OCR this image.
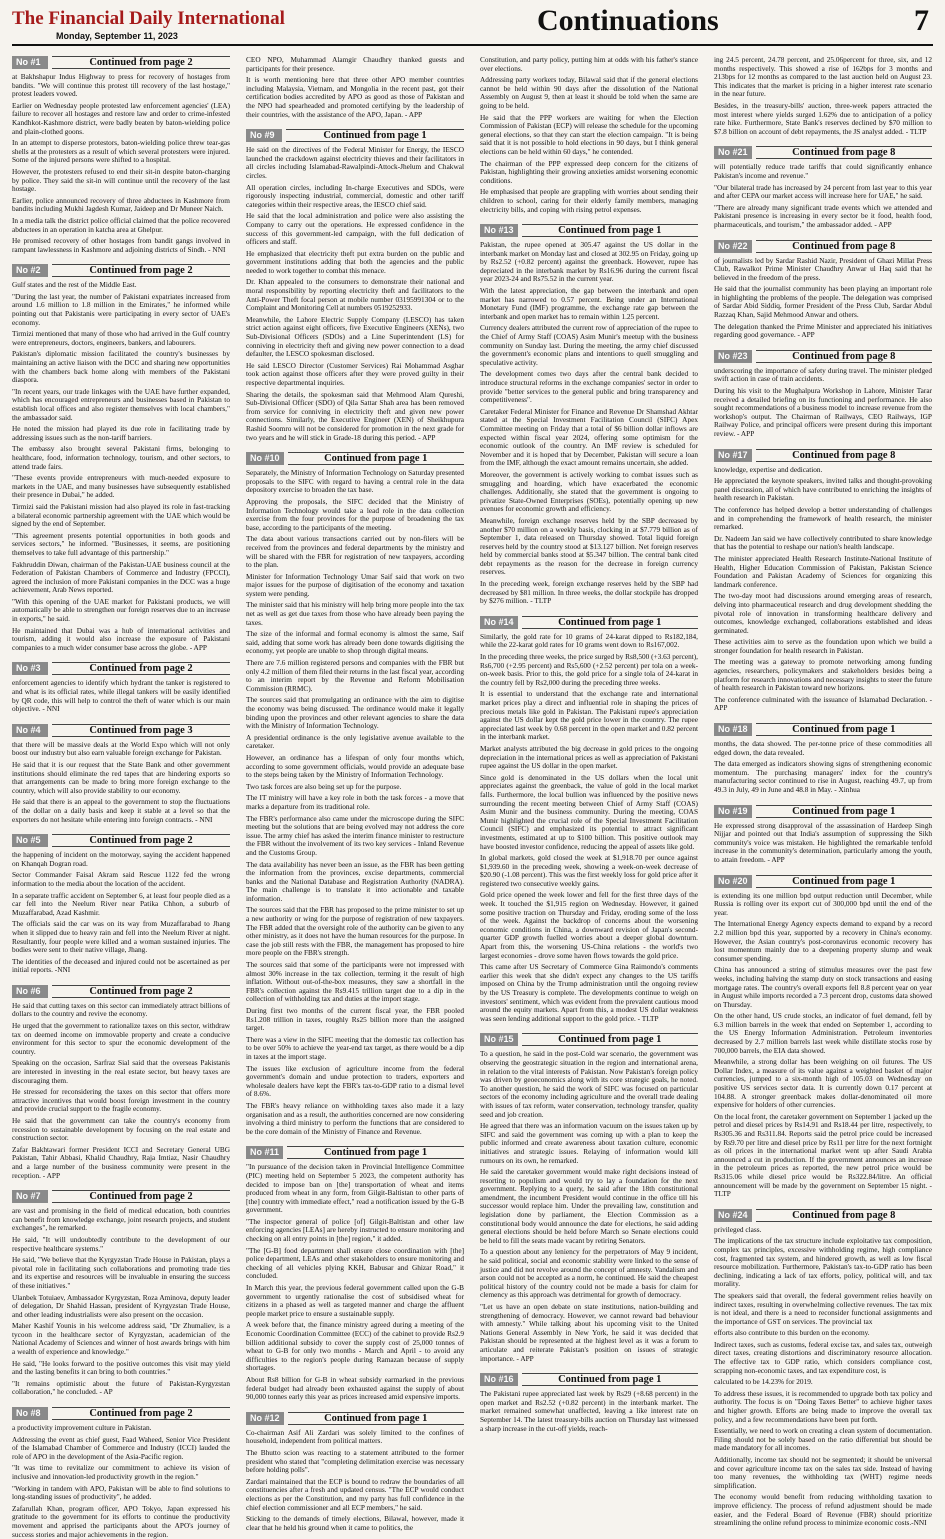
The Financial Daily International
Monday, September 11, 2023	Continuations	7
No #1	Continued from page 2

at Bakhshapur Indus Highway to press for recovery of hostages from bandits. "We will continue this protest till recovery of the last hostage," protest leaders vowed.

Earlier on Wednesday people protested law enforcement agencies' (LEA) failure to recover all hostages and restore law and order to crime-infested Kandhkot-Kashmore district, were badly beaten by baton-wielding police and plain-clothed goons.

In an attempt to disperse protestors, baton-wielding police threw tear-gas shells at the protesters as a result of which several protesters were injured. Some of the injured persons were shifted to a hospital.

However, the protesters refused to end their sit-in despite baton-charging by police. They said the sit-in will continue until the recovery of the last hostage.

Earlier, police announced recovery of three abductees in Kashmore from bandits including Mukhi Jagdesh Kumar, Jaideep and Dr Muneer Naich.

In a media talk the district police official claimed that the police recovered abductees in an operation in katcha area at Ghelpur.

He promised recovery of other hostages from bandit gangs involved in rampant lawlessness in Kashmore and adjoining districts of Sindh. - NNI

No #2	Continued from page 2

Gulf states and the rest of the Middle East.

"During the last year, the number of Pakistani expatriates increased from around 1.6 million to 1.8 million in the Emirates," he informed while pointing out that Pakistanis were participating in every sector of UAE's economy.

Tirmizi mentioned that many of those who had arrived in the Gulf country were entrepreneurs, doctors, engineers, bankers, and labourers.

Pakistan's diplomatic mission facilitated the country's businesses by maintaining an active liaison with the DCC and sharing new opportunities with the chambers back home along with members of the Pakistani diaspora.

"In recent years, our trade linkages with the UAE have further expanded, which has encouraged entrepreneurs and businesses based in Pakistan to establish local offices and also register themselves with local chambers," the ambassador said.

He noted the mission had played its due role in facilitating trade by addressing issues such as the non-tariff barriers.

The embassy also brought several Pakistani firms, belonging to healthcare, food, information technology, tourism, and other sectors, to attend trade fairs.

"These events provide entrepreneurs with much-needed exposure to markets in the UAE, and many businesses have subsequently established their presence in Dubai," he added.

Tirmizi said the Pakistani mission had also played its role in fast-tracking a bilateral economic partnership agreement with the UAE which would be signed by the end of September.

"This agreement presents potential opportunities in both goods and services sectors," he informed. "Businesses, it seems, are positioning themselves to take full advantage of this partnership."

Fakhruddin Diwan, chairman of the Pakistan-UAE business council at the Federation of Pakistan Chambers of Commerce and Industry (FPCCI), agreed the inclusion of more Pakistani companies in the DCC was a huge achievement, Arab News reported.

"With this opening of the UAE market for Pakistani products, we will automatically be able to strengthen our foreign reserves due to an increase in exports," he said.

He maintained that Dubai was a hub of international activities and tourism, adding it would also increase the exposure of Pakistani companies to a much wider consumer base across the globe. - APP

No #3	Continued from page 2

enforcement agencies to identify which hydrant the tanker is registered to and what is its official rates, while illegal tankers will be easily identified by QR code, this will help to control the theft of water which is our main objective. - NNI

No #4	Continued from page 3

that there will be massive deals at the World Expo which will not only boost our industry but also earn valuable foreign exchange for Pakistan.

He said that it is our request that the State Bank and other government institutions should eliminate the red tapes that are hindering exports so that arrangements can be made to bring more foreign exchange to the country, which will also provide stability to our economy.

He said that there is an appeal to the government to stop the fluctuations of the dollar on a daily basis and keep it stable at a level so that the exporters do not hesitate while entering into foreign contracts. - NNI

No #5	Continued from page 2

the happening of incident on the motorway, saying the accident happened on Khanqah Dogran road.

Sector Commander Faisal Akram said Rescue 1122 fed the wrong information to the media about the location of the accident.

In a separate traffic accident on September 6, at least four people died as a car fell into the Neelum River near Patika Chhon, a suburb of Muzaffarabad, Azad Kashmir.

The officials said the car was on its way from Muzaffarabad to Jhang when it slipped due to heavy rain and fell into the Neelum River at night. Resultantly, four people were killed and a woman sustained injuries. The bodies were sent to their native village, Jhang.

The identities of the deceased and injured could not be ascertained as per initial reports. -NNI

No #6	Continued from page 2

He said that cutting taxes on this sector can immediately attract billions of dollars to the country and revive the economy.

He urged that the government to rationalize taxes on this sector, withdraw tax on deemed income on immovable property and create a conducive environment for this sector to spur the economic development of the country.

Speaking on the occasion, Sarfraz Sial said that the overseas Pakistanis are interested in investing in the real estate sector, but heavy taxes are discouraging them.

He stressed for reconsidering the taxes on this sector that offers more attractive incentives that would boost foreign investment in the country and provide crucial support to the fragile economy.

He said that the government can take the country's economy from recession to sustainable development by focusing on the real estate and construction sector.

Zafar Bakhtawari former President ICCI and Secretary General UBG Pakistan, Tahir Abbasi, Khalid Chaudhry, Raja Imtiaz, Nasir Chaudhry and a large number of the business community were present in the reception. - APP

No #7	Continued from page 2

are vast and promising in the field of medical education, both countries can benefit from knowledge exchange, joint research projects, and student exchanges", he remarked.

He said, "It will undoubtedly contribute to the development of our respective healthcare systems."

He said, "We believe that the Kyrgyzstan Trade House in Pakistan, plays a pivotal role in facilitating such collaborations and promoting trade ties and its expertise and resources will be invaluable in ensuring the success of these initiatives."

Ulanbek Totuiaev, Ambassador Kyrgyzstan, Roza Aminova, deputy leader of delegation, Dr Shahid Hassan, president of Kyrgyzstan Trade House, and other leading industrialists were also present on the occasion.

Maher Kashif Younis in his welcome address said, "Dr Zhumaliev, is a tycoon in the healthcare sector of Kyrgyzstan, academician of the National Academy of Sciences and winner of host awards brings with him a wealth of experience and knowledge."

He said, "He looks forward to the positive outcomes this visit may yield and the lasting benefits it can bring to both countries."

"It remains optimistic about the future of Pakistan-Kyrgyzstan collaboration," he concluded. - AP

No #8	Continued from page 2

a productivity improvement culture in Pakistan.

Addressing the event as chief guest, Faad Waheed, Senior Vice President of the Islamabad Chamber of Commerce and Industry (ICCI) lauded the role of APO in the development of the Asia-Pacific region.

"It was time to revitalize our commitment to achieve its vision of inclusive and innovation-led productivity growth in the region."

"Working in tandem with APO, Pakistan will be able to find solutions to long-standing issues of productivity", he added.

Zafarullah Khan, program officer, APO Tokyo, Japan expressed his gratitude to the government for its efforts to continue the productivity movement and apprised the participants about the APO's journey of success stories and major achievements in the region.

CEO NPO, Muhammad Alamgir Chaudhry thanked guests and participants for their presence.

It is worth mentioning here that three other APO member countries including Malaysia, Vietnam, and Mongolia in the recent past, got their certification bodies accredited by APO as good as those of Pakistan and the NPO had spearheaded and promoted certifying by the leadership of their countries, with the assistance of the APO, Japan. - APP

No #9	Continued from page 1

He said on the directives of the Federal Minister for Energy, the IESCO launched the crackdown against electricity thieves and their facilitators in all circles including Islamabad-Rawalpindi-Attock-Jhelum and Chakwal circles.

All operation circles, including In-charge Executives and SDOs, were rigorously inspecting industrial, commercial, domestic and other tariff categories within their respective areas, the IESCO chief said.

He said that the local administration and police were also assisting the Company to carry out the operations. He expressed confidence in the success of this government-led campaign, with the full dedication of officers and staff.

He emphasized that electricity theft put extra burden on the public and government institutions adding that both the agencies and the public needed to work together to combat this menace.

Dr. Khan appealed to the consumers to demonstrate their national and moral responsibility by reporting electricity theft and facilitators to the Anti-Power Theft focal person at mobile number 03195991304 or to the Complaint and Monitoring Cell at numbers 0519252933.

Meanwhile, the Lahore Electric Supply Company (LESCO) has taken strict action against eight officers, five Executive Engineers (XENs), two Sub-Divisional Officers (SDOs) and a Line Superintendent (LS) for conniving in electricity theft and giving new power connection to a dead defaulter, the LESCO spokesman disclosed.

He said LESCO Director (Customer Services) Rai Mohammad Asghar took action against those officers after they were proved guilty in their respective departmental inquiries.

Sharing the details, the spokesman said that Mehmood Alam Qureshi, Sub-Divisional Officer (SDO) of Qila Sattar Shah area has been removed from service for conniving in electricity theft and given new power connections. Similarly, the Executive Engineer (XEN) of Sheikhupura Rashid Soomro will not be considered for promotion in the next grade for two years and he will stick in Grade-18 during this period. - APP

No #10	Continued from page 1

Separately, the Ministry of Information Technology on Saturday presented proposals to the SIFC with regard to having a central role in the data depository exercise to broaden the tax base.

Approving the proposals, the SIFC decided that the Ministry of Information Technology would take a lead role in the data collection exercise from the four provinces for the purpose of broadening the tax base, according to the participants of the meeting.

The data about various transactions carried out by non-filers will be received from the provinces and federal departments by the ministry and will be shared with the FBR for registration of new taxpayers, according to the plan.

Minister for Information Technology Umar Saif said that work on two major issues for the purpose of digitisation of the economy and taxation system were pending.

The minister said that his ministry will help bring more people into the tax net as well as get due taxes from those who have already been paying the taxes.

The size of the informal and formal economy is almost the same, Saif said, adding that some work has already been done towards digitising the economy, yet people are unable to shop through digital means.

There are 7.6 million registered persons and companies with the FBR but only 4.2 million of them filed their returns in the last fiscal year, according to an interim report by the Revenue and Reform Mobilisation Commission (RRMC).

The sources said that promulgating an ordinance with the aim to digitise the economy was being discussed. The ordinance would make it legally binding upon the provinces and other relevant agencies to share the data with the Ministry of Information Technology.

A presidential ordinance is the only legislative avenue available to the caretaker.

However, an ordinance has a lifespan of only four months which, according to some government officials, would provide an adequate base to the steps being taken by the Ministry of Information Technology.

Two task forces are also being set up for the purpose.

The IT ministry will have a key role in both the task forces - a move that marks a departure from its traditional role.

The FBR's performance also came under the microscope during the SIFC meeting but the solutions that are being evolved may not address the core issue. The army chief has asked the interim finance minister to restructure the FBR without the involvement of its two key services - Inland Revenue and the Customs Group.

The data availability has never been an issue, as the FBR has been getting the information from the provinces, excise departments, commercial banks and the National Database and Registration Authority (NADRA). The main challenge is to translate it into actionable and taxable information.

The sources said that the FBR has proposed to the prime minister to set up a new authority or wing for the purpose of registration of new taxpayers. The FBR added that the oversight role of the authority can be given to any other ministry, as it does not have the human resources for the purpose. In case the job still rests with the FBR, the management has proposed to hire more people on the FBR's strength.

The sources said that some of the participants were not impressed with almost 30% increase in the tax collection, terming it the result of high inflation. Without out-of-the-box measures, they saw a shortfall in the FBR's collection against the Rs9.415 trillion target due to a dip in the collection of withholding tax and duties at the import stage.

During first two months of the current fiscal year, the FBR pooled Rs1.208 trillion in taxes, roughly Rs25 billion more than the assigned target.

There was a view in the SIFC meeting that the domestic tax collection has to be over 50% to achieve the year-end tax target, as there would be a dip in taxes at the import stage.

The issues like exclusion of agriculture income from the federal government's domain and undue protection to traders, exporters and wholesale dealers have kept the FBR's tax-to-GDP ratio to a dismal level of 8.6%.

The FBR's heavy reliance on withholding taxes also made it a lazy organisation and as a result, the authorities concerned are now considering involving a third ministry to perform the functions that are considered to be the core domain of the Ministry of Finance and Revenue.

No #11	Continued from page 1

"In pursuance of the decision taken in Provincial Intelligence Committee (PIC) meeting held on September 5 2023, the competent authority has decided to impose ban on [the] transportation of wheat and items produced from wheat in any form, from Gilgit-Baltistan to other parts of [the] country with immediate effect," read a notification issued by the G-B government.

"The inspector general of police [of] Gilgit-Baltistan and other law enforcing agencies [LEAs] are hereby instructed to ensure monitoring and checking on all entry points in [the] region," it added.

"The [G-B] food department shall ensure close coordination with [the] police department, LEAs and other stakeholders to ensure monitoring and checking of all vehicles plying KKH, Babusar and Ghizar Road," it concluded.

In March this year, the previous federal government called upon the G-B government to urgently rationalise the cost of subsidised wheat for citizens in a phased as well as targeted manner and charge the affluent people market price to ensure a sustainable supply.

A week before that, the finance ministry agreed during a meeting of the Economic Coordination Committee (ECC) of the cabinet to provide Rs2.9 billion additional subsidy to cover the supply cost of 25,000 tonnes of wheat to G-B for only two months - March and April - to avoid any difficulties to the region's people during Ramazan because of supply shortages.

About Rs8 billion for G-B in wheat subsidy earmarked in the previous federal budget had already been exhausted against the supply of about 90,000 tonnes early this year as prices increased amid expensive imports.

No #12	Continued from page 1

Co-chairman Asif Ali Zardari was solely limited to the confines of household, independent from political matters.

The Bhutto scion was reacting to a statement attributed to the former president who stated that "completing delimitation exercise was necessary before holding polls".

Zardari maintained that the ECP is bound to redraw the boundaries of all constituencies after a fresh and updated census. "The ECP would conduct elections as per the Constitution, and my party has full confidence in the chief election commissioner and all ECP members," he said.

Sticking to the demands of timely elections, Bilawal, however, made it clear that he held his ground when it came to politics, the

Constitution, and party policy, putting him at odds with his father's stance over elections.

Addressing party workers today, Bilawal said that if the general elections cannot be held within 90 days after the dissolution of the National Assembly on August 9, then at least it should be told when the same are going to be held.

He said that the PPP workers are waiting for when the Election Commission of Pakistan (ECP) will release the schedule for the upcoming general elections, so that they can start the election campaign. "It is being said that it is not possible to hold elections in 90 days, but I think general elections can be held within 60 days," he contended.

The chairman of the PPP expressed deep concern for the citizens of Pakistan, highlighting their growing anxieties amidst worsening economic conditions.

He emphasised that people are grappling with worries about sending their children to school, caring for their elderly family members, managing electricity bills, and coping with rising petrol expenses.

No #13	Continued from page 1

Pakistan, the rupee opened at 305.47 against the US dollar in the interbank market on Monday last and closed at 302.95 on Friday, going up by Rs2.52 (+0.82 percent) against the greenback. However, rupee has depreciated in the interbank market by Rs16.96 during the current fiscal year 2023-24 and Rs75.52 in the current year.

With the latest appreciation, the gap between the interbank and open market has narrowed to 0.57 percent. Being under an International Monetary Fund (IMF) programme, the exchange rate gap between the interbank and open market has to remain within 1.25 percent.

Currency dealers attributed the current row of appreciation of the rupee to the Chief of Army Staff (COAS) Asim Munir's meetup with the business community on Sunday last. During the meeting, the army chief discussed the government's economic plans and intentions to quell smuggling and speculative activity.

The development comes two days after the central bank decided to introduce structural reforms in the exchange companies' sector in order to provide "better services to the general public and bring transparency and competitiveness".

Caretaker Federal Minister for Finance and Revenue Dr Shamshad Akhtar stated at the Special Investment Facilitation Council (SIFC) Apex Committee meeting on Friday that a total of $6 billion dollar inflows are expected within fiscal year 2024, offering some optimism for the economic outlook of the country. An IMF review is scheduled for November and it is hoped that by December, Pakistan will secure a loan from the IMF, although the exact amount remains uncertain, she added.

Moreover, the government is actively working to combat issues such as smuggling and hoarding, which have exacerbated the economic challenges. Additionally, she stated that the government is ongoing to privatize State-Owned Enterprises (SOEs), potentially opening up new avenues for economic growth and efficiency.

Meanwhile, foreign exchange reserves held by the SBP decreased by another $70 million on a weekly basis, clocking in at $7.779 billion as of September 1, data released on Thursday showed. Total liquid foreign reserves held by the country stood at $13.127 billion. Net foreign reserves held by commercial banks stood at $5.347 billion. The central bank cited debt repayments as the reason for the decrease in foreign currency reserves.

In the preceding week, foreign exchange reserves held by the SBP had decreased by $81 million. In three weeks, the dollar stockpile has dropped by $276 million. - TLTP

No #14	Continued from page 1

Similarly, the gold rate for 10 grams of 24-karat dipped to Rs182,184, while the 22-karat gold rates for 10 grams went down to Rs167,002.

In the preceding three weeks, the price surged by Rs8,500 (+3.63 percent), Rs6,700 (+2.95 percent) and Rs5,600 (+2.52 percent) per tola on a week-on-week basis. Prior to this, the gold price for a single tola of 24-karat in the country fell by Rs2,000 during the preceding three weeks.

It is essential to understand that the exchange rate and international market prices play a direct and influential role in shaping the prices of precious metals like gold in Pakistan. The Pakistani rupee's appreciation against the US dollar kept the gold price lower in the country. The rupee appreciated last week by 0.68 percent in the open market and 0.82 percent in the interbank market.

Market analysts attributed the big decrease in gold prices to the ongoing depreciation in the international prices as well as appreciation of Pakistani rupee against the US dollar in the open market.

Since gold is denominated in the US dollars when the local unit appreciates against the greenback, the value of gold in the local market falls. Furthermore, the local bullion was influenced by the positive news surrounding the recent meeting between Chief of Army Staff (COAS) Asim Munir and the business community. During the meeting, COAS Munir highlighted the crucial role of the Special Investment Facilitation Council (SIFC) and emphasized its potential to attract significant investments, estimated at up to $100 billion. This positive outlook may have boosted investor confidence, reducing the appeal of assets like gold.

In global markets, gold closed the week at $1,918.70 per ounce against $1,939.60 in the preceding week, showing a week-on-week decrease of $20.90 (-1.08 percent). This was the first weekly loss for gold price after it registered two consecutive weekly gains.

Gold price opened the week lower and fell for the first three days of the week. It touched the $1,915 region on Wednesday. However, it gained some positive traction on Thursday and Friday, eroding some of the loss of the week. Against the backdrop of concerns about the worsening economic conditions in China, a downward revision of Japan's second-quarter GDP growth fuelled worries about a deeper global downturn. Apart from this, the worsening US-China relations - the world's two largest economies - drove some haven flows towards the gold price.

This came after US Secretary of Commerce Gina Raimondo's comments earlier this week that she didn't expect any changes to the US tariffs imposed on China by the Trump administration until the ongoing review by the US Treasury is complete. The developments continue to weigh on investors' sentiment, which was evident from the prevalent cautious mood around the equity markets. Apart from this, a modest US dollar weakness was seen lending additional support to the gold price. - TLTP

No #15	Continued from page 1

To a question, he said in the post-Cold war scenario, the government was observing the geostrategic situation in the region and international arena, in relation to the vital interests of Pakistan. Now Pakistan's foreign policy was driven by geoeconomics along with its core strategic goals, he noted. To another question, he said the work of SIFC was focused on particular sectors of the economy including agriculture and the overall trade dealing with issues of tax reform, water conservation, technology transfer, quality seed and job creation.

He agreed that there was an information vacuum on the issues taken up by SIFC and said the government was coming up with a plan to keep the public informed and create awareness about taxation culture, economic initiatives and strategic issues. Relaying of information would kill rumours on its own, he remarked.

He said the caretaker government would make right decisions instead of resorting to populism and would try to lay a foundation for the next government. Replying to a query, he said after the 18th constitutional amendment, the incumbent President would continue in the office till his successor would replace him. Under the prevailing law, constitution and legislation done by parliament, the Election Commission as a constitutional body would announce the date for elections, he said adding general elections should be held before March so Senate elections could be held to fill the seats made vacant by retiring Senators.

To a question about any leniency for the perpetrators of May 9 incident, he said political, social and economic stability were linked to the sense of justice and did not revolve around the concept of amnesty. Vandalism and arson could not be accepted as a norm, he continued. He said the cheapest political history of the country could not be made a basis for claim for clemency as this approach was detrimental for growth of democracy.

"Let us have an open debate on state institutions, nation-building and strengthening of democracy. However, we cannot reward bad behaviour with amnesty." While talking about his upcoming visit to the United Nations General Assembly in New York, he said it was decided that Pakistan should be represented at the highest level as it was a forum to articulate and reiterate Pakistan's position on issues of strategic importance. - APP

No #16	Continued from page 1

The Pakistani rupee appreciated last week by Rs29 (+8.68 percent) in the open market and Rs2.52 (+0.82 percent) in the interbank market. The market remained somewhat unaffected, leaving a like interest rate on September 14. The latest treasury-bills auction on Thursday last witnessed a sharp increase in the cut-off yields, reach-

ing 24.5 percent, 24.78 percent, and 25.06percent for three, six, and 12 months respectively. This showed a rise of 162bps for 3 months and 213bps for 12 months as compared to the last auction held on August 23. This indicates that the market is pricing in a higher interest rate scenario in the near future.

Besides, in the treasury-bills' auction, three-week papers attracted the most interest where yields surged 1.62% due to anticipation of a policy rate hike. Furthermore, State Bank's reserves declined by $70 million to $7.8 billion on account of debt repayments, the JS analyst added. - TLTP

No #21	Continued from page 8

will potentially reduce trade tariffs that could significantly enhance Pakistan's income and revenue."

"Our bilateral trade has increased by 24 percent from last year to this year and after CEPA our market access will increase here for UAE," he said.

"There are already many significant trade events which we attended and Pakistani presence is increasing in every sector be it food, health food, pharmaceuticals, and tourism," the ambassador added. - APP

No #22	Continued from page 8

of journalists led by Sardar Rashid Nazir, President of Ghazi Millat Press Club, Rawalkot Prime Minister Chaudhry Anwar ul Haq said that he believed in the freedom of the press.

He said that the journalist community has been playing an important role in highlighting the problems of the people. The delegation was comprised of Sardar Abid Siddiq, former President of the Press Club, Sardar Abdul Razzaq Khan, Sajid Mehmood Anwar and others.

The delegation thanked the Prime Minister and appreciated his initiatives regarding good governance. - APP

No #23	Continued from page 8

underscoring the importance of safety during travel. The minister pledged swift action in case of train accidents.

During his visit to the Mughalpura Workshop in Lahore, Minister Tarar received a detailed briefing on its functioning and performance. He also sought recommendations of a business model to increase revenue from the workshop's output. The Chairman of Railways, CEO Railways, IGP Railway Police, and principal officers were present during this important review. - APP

No #17	Continued from page 8

knowledge, expertise and dedication.

He appreciated the keynote speakers, invited talks and thought-provoking panel discussion, all of which have contributed to enriching the insights of health research in Pakistan.

The conference has helped develop a better understanding of challenges and in comprehending the framework of health research, the minister remarked.

Dr. Nadeem Jan said we have collectively contributed to share knowledge that has the potential to reshape our nation's health landscape.

The minister appreciated Health Research Institute-National Institute of Health, Higher Education Commission of Pakistan, Pakistan Science Foundation and Pakistan Academy of Sciences for organizing this landmark conference.

The two-day moot had discussions around emerging areas of research, delving into pharmaceutical research and drug development shedding the pivotal role of innovation in transforming healthcare delivery and outcomes, knowledge exchanged, collaborations established and ideas germinated.

These activities aim to serve as the foundation upon which we build a stronger foundation for health research in Pakistan.

The meeting was a gateway to promote networking among funding agencies, researchers, policymakers and stakeholders besides being a platform for research innovations and necessary insights to steer the future of health research in Pakistan toward new horizons.

The conference culminated with the issuance of Islamabad Declaration. - APP

No #18	Continued from page 1

months, the data showed. The per-tonne price of these commodities all edged down, the data revealed.

The data emerged as indicators showing signs of strengthening economic momentum. The purchasing managers' index for the country's manufacturing sector continued to rise in August, reaching 49.7, up from 49.3 in July, 49 in June and 48.8 in May. - Xinhua

No #19	Continued from page 1

He expressed strong disapproval of the assassination of Hardeep Singh Nijjar and pointed out that India's assumption of suppressing the Sikh community's voice was mistaken. He highlighted the remarkable tenfold increase in the community's determination, particularly among the youth, to attain freedom. - APP

No #20	Continued from page 1

is extending its one million bpd output reduction until December, while Russia is rolling over its export cut of 300,000 bpd until the end of the year.

The International Energy Agency expects demand to expand by a record 2.2 million bpd this year, supported by a recovery in China's economy. However, the Asian country's post-coronavirus economic recovery has lost momentum mainly due to a deepening property slump and weak consumer spending.

China has announced a string of stimulus measures over the past few weeks, including halving the stamp duty on stock transactions and easing mortgage rates. The country's overall exports fell 8.8 percent year on year in August while imports recorded a 7.3 percent drop, customs data showed on Thursday.

On the other hand, US crude stocks, an indicator of fuel demand, fell by 6.3 million barrels in the week that ended on September 1, according to the US Energy Information Administration. Petroleum inventories decreased by 2.7 million barrels last week while distillate stocks rose by 700,000 barrels, the EIA data showed.

Meanwhile, a strong dollar has been weighing on oil futures. The US Dollar Index, a measure of its value against a weighted basket of major currencies, jumped to a six-month high of 105.03 on Wednesday on positive US services sector data. It is currently down 0.17 percent at 104.88. A stronger greenback makes dollar-denominated oil more expensive for holders of other currencies.

On the local front, the caretaker government on September 1 jacked up the petrol and diesel prices by Rs14.91 and Rs18.44 per litre, respectively, to Rs305.36 and Rs311.84. Reports said the petrol price could be increased by Rs9.70 per litre and diesel price by Rs11 per litre for the next fortnight as oil prices in the international market went up after Saudi Arabia announced a cut in production. If the government announces an increase in the petroleum prices as reported, the new petrol price would be Rs315.06 while diesel price would be Rs322.84/litre. An official announcement will be made by the government on September 15 night. - TLTP

No #24	Continued from page 8

privileged class.

The implications of the tax structure include exploitative tax composition, complex tax principles, excessive withholding regime, high compliance cost, fragmented tax system, and hindered growth, as well as low fiscal resource mobilization. Furthermore, Pakistan's tax-to-GDP ratio has been declining, indicating a lack of tax efforts, policy, political will, and tax morality.

The speakers said that overall, the federal government relies heavily on indirect taxes, resulting in overwhelming collective revenues. The tax mix is not ideal, and there is a need to reconsider functional assignments and the importance of GST on services. The provincial tax

efforts also contribute to this burden on the economy.

Indirect taxes, such as customs, federal excise tax, and sales tax, outweigh direct taxes, creating distortions and discriminatory resource allocation. The effective tax to GDP ratio, which considers compliance cost, scrapping non-economic taxes, and tax expenditure cost, is

calculated to be 14.23% for 2019.

To address these issues, it is recommended to upgrade both tax policy and authority. The focus is on "Doing Taxes Better" to achieve higher taxes and higher growth. Efforts are being made to improve the overall tax policy, and a few recommendations have been put forth.

Essentially, we need to work on creating a clean system of documentation. Filing should not be solely based on the ratio differential but should be made mandatory for all incomes.

Additionally, income tax should not be segmented; it should be universal and cover agriculture income tax on the sales tax side. Instead of having too many revenues, the withholding tax (WHT) regime needs simplification.

The economy would benefit from reducing withholding taxation to improve efficiency. The process of refund adjustment should be made easier, and the Federal Board of Revenue (FBR) should prioritize streamlining the online refund process to minimize economic costs.-NNI
